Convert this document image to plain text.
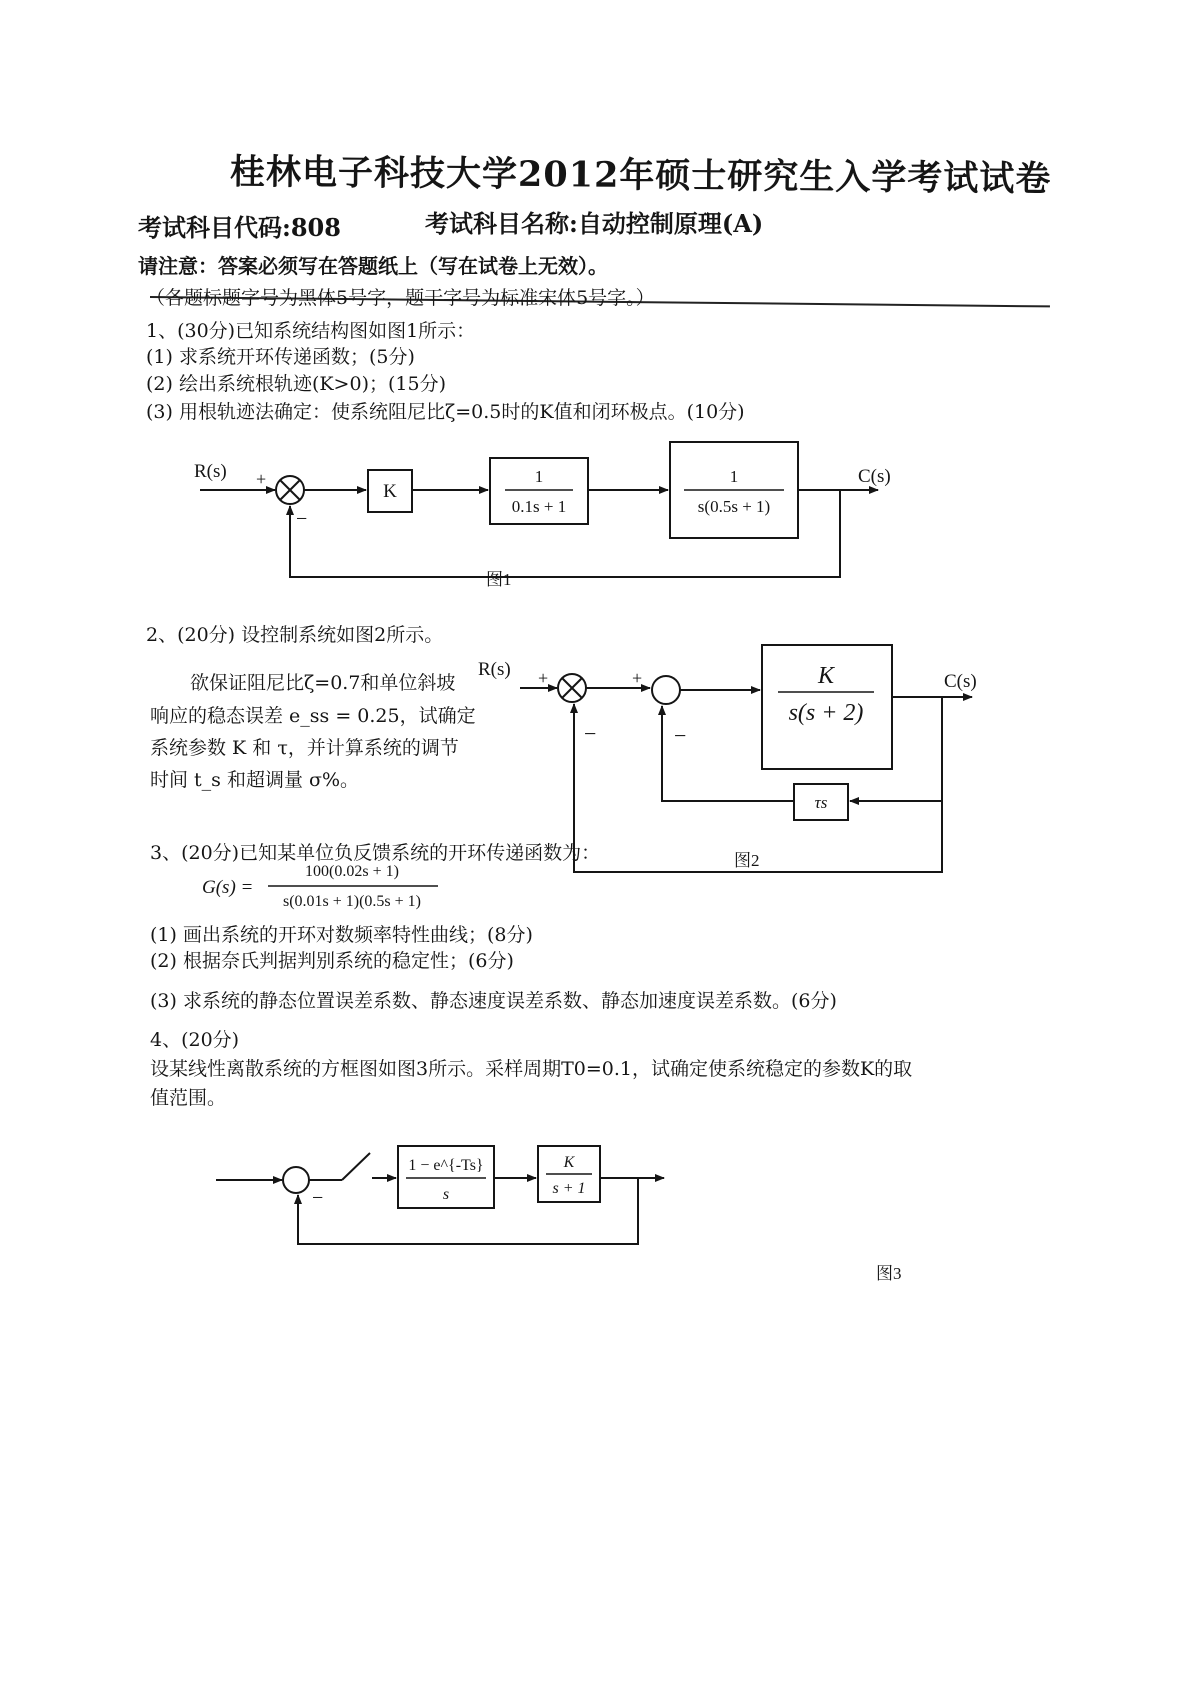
桂林电子科技大学2012年硕士研究生入学考试试卷
考试科目代码:808	考试科目名称:自动控制原理(A)
请注意：答案必须写在答题纸上（写在试卷上无效）。
（各题标题字号为黑体5号字，题干字号为标准宋体5号字。）
1、(30分)已知系统结构图如图1所示：
(1) 求系统开环传递函数；(5分)
(2) 绘出系统根轨迹(K>0)；(15分)
(3) 用根轨迹法确定：使系统阻尼比ζ=0.5时的K值和闭环极点。(10分)
2、(20分) 设控制系统如图2所示。
欲保证阻尼比ζ=0.7和单位斜坡
响应的稳态误差 e_ss = 0.25，试确定
系统参数 K 和 τ，并计算系统的调节
时间 t_s 和超调量 σ%。
3、(20分)已知某单位负反馈系统的开环传递函数为：
(1) 画出系统的开环对数频率特性曲线；(8分)
(2) 根据奈氏判据判别系统的稳定性；(6分)
(3) 求系统的静态位置误差系数、静态速度误差系数、静态加速度误差系数。(6分)
4、(20分)
设某线性离散系统的方框图如图3所示。采样周期T0=0.1，试确定使系统稳定的参数K的取
值范围。
R(s) +
−
K
1
0.1s + 1
1
s(0.5s + 1)
C(s)
图1
R(s) +
−
+
−
K
s(s + 2)
C(s)
τs
图2
G(s) =
100(0.02s + 1)
s(0.01s + 1)(0.5s + 1)
−
1 − e^{-Ts}
s
K
s + 1
图3
